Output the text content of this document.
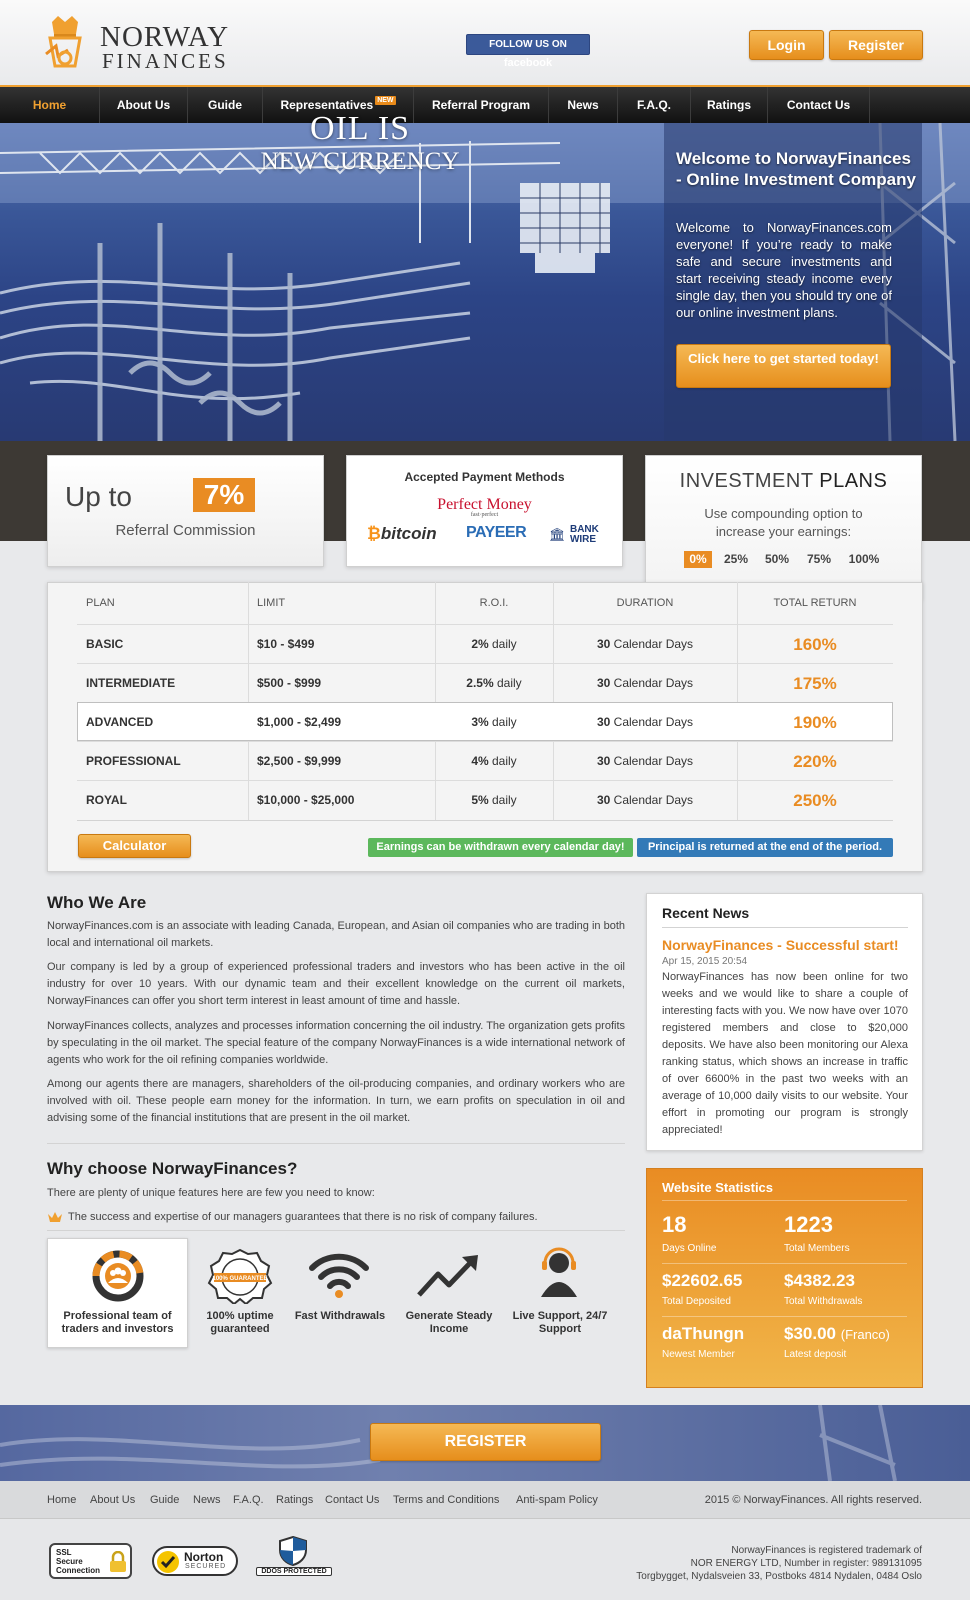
NORWAY
FINANCES
FOLLOW US ON facebook
Login	Register
Home	About Us	Guide	Representatives NEW	Referral Program	News	F.A.Q.	Ratings	Contact Us
OIL IS
NEW CURRENCY	Welcome to NorwayFinances - Online Investment Company
Welcome to NorwayFinances.com everyone! If you’re ready to make safe and secure investments and start receiving steady income every single day, then you should try one of our online investment plans.
Click here to get started today!
Up to	7%
Referral Commission
Accepted Payment Methods
Perfect Money
fast·perfect
₿bitcoin PAYEER 🏛 BANK WIRE
INVESTMENT PLANS
Use compounding option to increase your earnings:
0%	25%	50%	75%	100%
PLAN	LIMIT	R.O.I.	DURATION	TOTAL RETURN
BASIC	$10 - $499	2% daily	30 Calendar Days	160%
INTERMEDIATE	$500 - $999	2.5% daily	30 Calendar Days	175%
ADVANCED	$1,000 - $2,499	3% daily	30 Calendar Days	190%
PROFESSIONAL	$2,500 - $9,999	4% daily	30 Calendar Days	220%
ROYAL	$10,000 - $25,000	5% daily	30 Calendar Days	250%
Calculator	Earnings can be withdrawn every calendar day!	Principal is returned at the end of the period.
Who We Are
NorwayFinances.com is an associate with leading Canada, European, and Asian oil companies who are trading in both local and international oil markets.
Our company is led by a group of experienced professional traders and investors who has been active in the oil industry for over 10 years. With our dynamic team and their excellent knowledge on the current oil markets, NorwayFinances can offer you short term interest in least amount of time and hassle.
NorwayFinances collects, analyzes and processes information concerning the oil industry. The organization gets profits by speculating in the oil market. The special feature of the company NorwayFinances is a wide international network of agents who work for the oil refining companies worldwide.
Among our agents there are managers, shareholders of the oil-producing companies, and ordinary workers who are involved with oil. These people earn money for the information. In turn, we earn profits on speculation in oil and advising some of the financial institutions that are present in the oil market.
Why choose NorwayFinances?
There are plenty of unique features here are few you need to know:
The success and expertise of our managers guarantees that there is no risk of company failures.
Professional team of traders and investors
100% GUARANTEE
100% uptime guaranteed
Fast Withdrawals	Generate Steady Income
Live Support, 24/7 Support
Recent News
NorwayFinances - Successful start!
Apr 15, 2015 20:54
NorwayFinances has now been online for two weeks and we would like to share a couple of interesting facts with you. We now have over 1070 registered members and close to $20,000 deposits. We have also been monitoring our Alexa ranking status, which shows an increase in traffic of over 6600% in the past two weeks with an average of 10,000 daily visits to our website. Your effort in promoting our program is strongly appreciated!
Website Statistics
18
Days Online
1223
Total Members
$22602.65
Total Deposited
$4382.23
Total Withdrawals
daThungn
Newest Member
$30.00 (Franco)
Latest deposit
REGISTER
Home About Us Guide News F.A.Q. Ratings Contact Us Terms and Conditions Anti-spam Policy	2015 © NorwayFinances. All rights reserved.
SSL
Secure
Connection
Norton
SECURED
DDOS PROTECTED
NorwayFinances is registered trademark of
NOR ENERGY LTD, Number in register: 989131095
Torgbygget, Nydalsveien 33, Postboks 4814 Nydalen, 0484 Oslo
